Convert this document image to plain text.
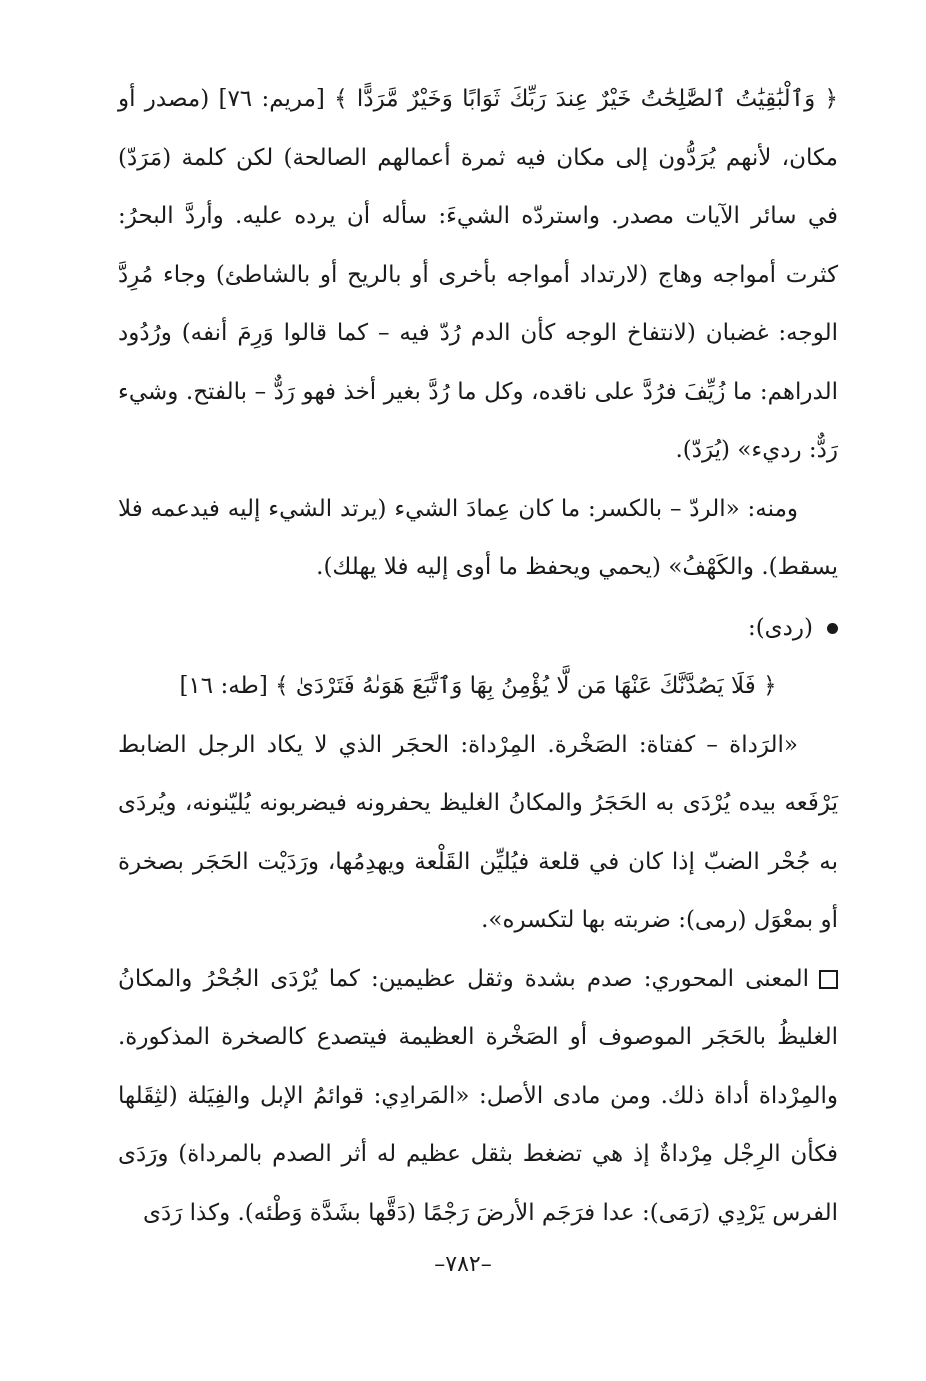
﴿ وَٱلْبَٰقِيَٰتُ ٱلصَّٰلِحَٰتُ خَيْرٌ عِندَ رَبِّكَ ثَوَابًا وَخَيْرٌ مَّرَدًّا ﴾ [مريم: ٧٦] (مصدر أو مكان، لأنهم يُرَدُّون إلى مكان فيه ثمرة أعمالهم الصالحة) لكن كلمة (مَرَدّ) في سائر الآيات مصدر. واستردّه الشيءَ: سأله أن يرده عليه. وأردَّ البحرُ: كثرت أمواجه وهاج (لارتداد أمواجه بأخرى أو بالريح أو بالشاطئ) وجاء مُرِدَّ الوجه: غضبان (لانتفاخ الوجه كأن الدم رُدّ فيه – كما قالوا وَرِمَ أنفه) ورُدُود الدراهم: ما زُيِّفَ فرُدَّ على ناقده، وكل ما رُدَّ بغير أخذ فهو رَدٌّ – بالفتح. وشيء رَدٌّ: رديء» (يُرَدّ).

ومنه: «الردّ – بالكسر: ما كان عِمادَ الشيء (يرتد الشيء إليه فيدعمه فلا يسقط). والكَهْفُ» (يحمي ويحفظ ما أوى إليه فلا يهلك).

(ردى):

﴿ فَلَا يَصُدَّنَّكَ عَنْهَا مَن لَّا يُؤْمِنُ بِهَا وَٱتَّبَعَ هَوَىٰهُ فَتَرْدَىٰ ﴾ [طه: ١٦]

«الرَداة – كفتاة: الصَخْرة. المِرْداة: الحجَر الذي لا يكاد الرجل الضابط يَرْفَعه بيده يُرْدَى به الحَجَرُ والمكانُ الغليظ يحفرونه فيضربونه يُليّنونه، ويُردَى به جُحْر الضبّ إذا كان في قلعة فيُليِّن القَلْعة ويهدِمُها، ورَدَيْت الحَجَر بصخرة أو بمعْوَل (رمى): ضربته بها لتكسره».

المعنى المحوري: صدم بشدة وثقل عظيمين: كما يُرْدَى الجُحْرُ والمكانُ الغليظُ بالحَجَر الموصوف أو الصَخْرة العظيمة فيتصدع كالصخرة المذكورة. والمِرْداة أداة ذلك. ومن مادى الأصل: «المَرادِي: قوائمُ الإبل والفِيَلة (لثِقَلها فكأن الرِجْل مِرْداةٌ إذ هي تضغط بثقل عظيم له أثر الصدم بالمرداة) ورَدَى الفرس يَرْدِي (رَمَى): عدا فرَجَم الأرضَ رَجْمًا (دَقَّها بشَدَّة وَطْئه). وكذا رَدَى

–٧٨٢–
